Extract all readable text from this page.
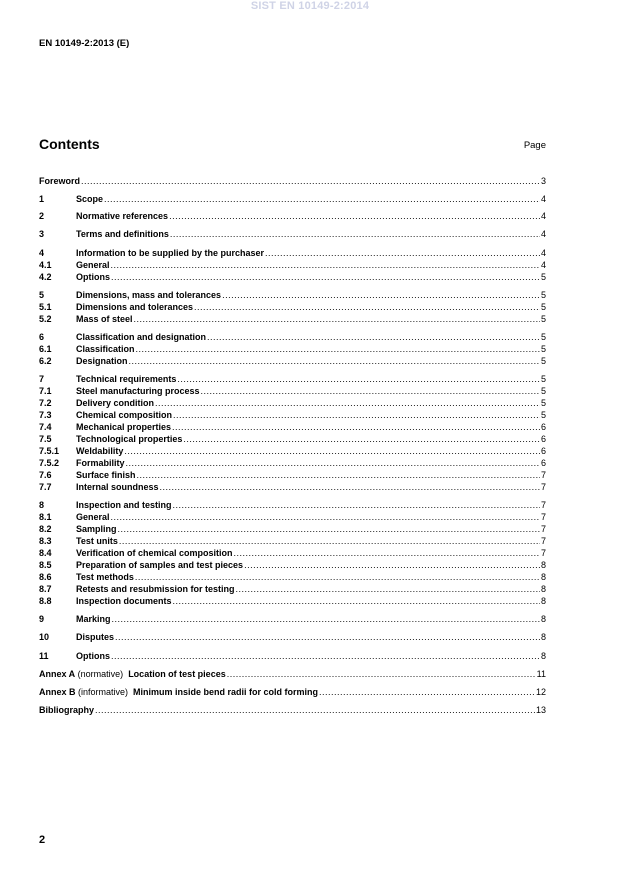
SIST EN 10149-2:2014
EN 10149-2:2013 (E)
Contents	Page
Foreword .....	3
1	Scope .....	4
2	Normative references .....	4
3	Terms and definitions .....	4
4	Information to be supplied by the purchaser .....	4
4.1	General .....	4
4.2	Options .....	5
5	Dimensions, mass and tolerances .....	5
5.1	Dimensions and tolerances .....	5
5.2	Mass of steel .....	5
6	Classification and designation .....	5
6.1	Classification .....	5
6.2	Designation .....	5
7	Technical requirements .....	5
7.1	Steel manufacturing process .....	5
7.2	Delivery condition .....	5
7.3	Chemical composition .....	5
7.4	Mechanical properties .....	6
7.5	Technological properties .....	6
7.5.1	Weldability .....	6
7.5.2	Formability .....	6
7.6	Surface finish .....	7
7.7	Internal soundness .....	7
8	Inspection and testing .....	7
8.1	General .....	7
8.2	Sampling .....	7
8.3	Test units .....	7
8.4	Verification of chemical composition .....	7
8.5	Preparation of samples and test pieces .....	8
8.6	Test methods .....	8
8.7	Retests and resubmission for testing .....	8
8.8	Inspection documents .....	8
9	Marking .....	8
10	Disputes .....	8
11	Options .....	8
Annex A (normative)  Location of test pieces .....	11
Annex B (informative)  Minimum inside bend radii for cold forming .....	12
Bibliography .....	13
2
